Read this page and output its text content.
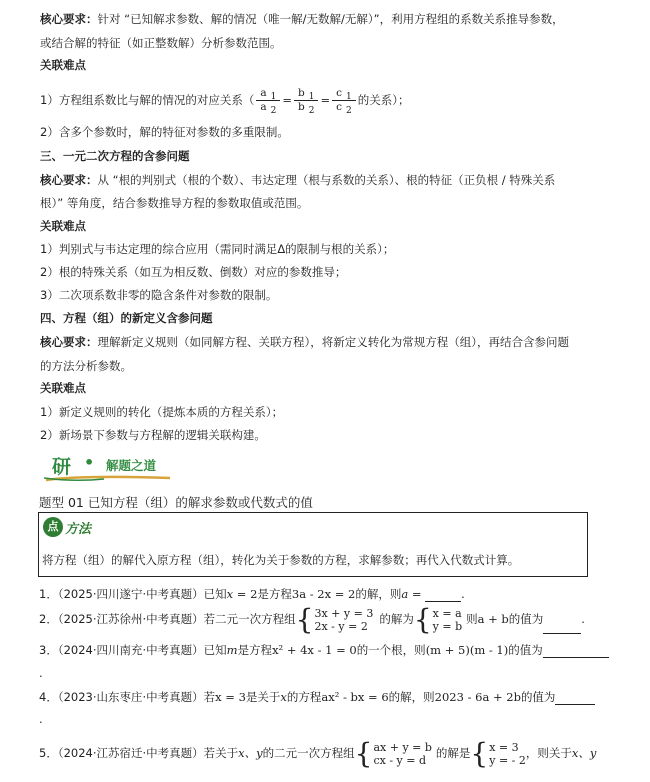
核心要求：针对 “已知解求参数、解的情况（唯一解/无数解/无解）”，利用方程组的系数关系推导参数，
或结合解的特征（如正整数解）分析参数范围。
关联难点
1）方程组系数比与解的情况的对应关系（ $\frac{a 1}{a 2} = \frac{b 1}{b 2} = \frac{c 1}{c 2}$ 的关系）；
2）含多个参数时，解的特征对参数的多重限制。
三、一元二次方程的含参问题
核心要求：从 “根的判别式（根的个数）、韦达定理（根与系数的关系）、根的特征（正负根 / 特殊关系
根）” 等角度，结合参数推导方程的参数取值或范围。
关联难点
1）判别式与韦达定理的综合应用（需同时满足Δ的限制与根的关系）；
2）根的特殊关系（如互为相反数、倒数）对应的参数推导；
3）二次项系数非零的隐含条件对参数的限制。
四、方程（组）的新定义含参问题
核心要求：理解新定义规则（如同解方程、关联方程），将新定义转化为常规方程（组），再结合含参问题
的方法分析参数。
关联难点
1）新定义规则的转化（提炼本质的方程关系）；
2）新场景下参数与方程解的逻辑关联构建。
研 • 解题之道
题型 01 已知方程（组）的解求参数或代数式的值
点 方法
将方程（组）的解代入原方程（组），转化为关于参数的方程，求解参数；再代入代数式计算。
1．（2025·四川遂宁·中考真题）已知x = 2是方程3a - 2x = 2的解，则a =	.
2．（2025·江苏徐州·中考真题）若二元一次方程组{ 3x + y = 3
2x - y = 2	的解为{ x = a
y = b 则a + b的值为	.
3．（2024·四川南充·中考真题）已知m是方程x² + 4x - 1 = 0的一个根，则(m + 5)(m - 1)的值为
.
4．（2023·山东枣庄·中考真题）若x = 3是关于x的方程ax² - bx = 6的解，则2023 - 6a + 2b的值为
.
5．（2024·江苏宿迁·中考真题）若关于x、y的二元一次方程组{ ax + y = b
cx - y = d 的解是{ x = 3
y = - 2 ，则关于x、y
